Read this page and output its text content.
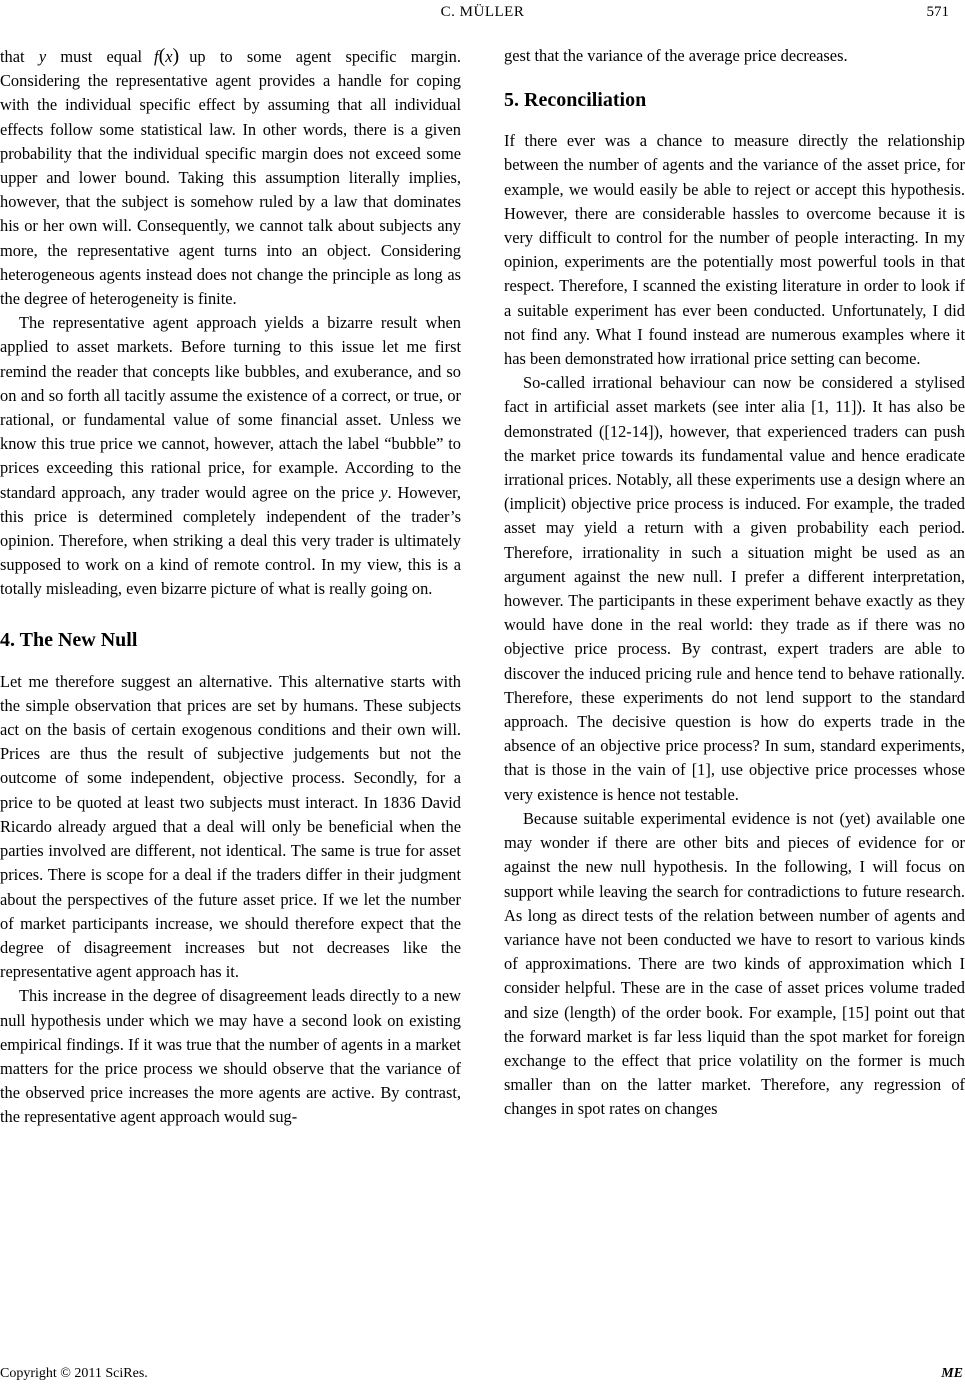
C. MÜLLER	571

that y must equal f(x) up to some agent specific margin. Considering the representative agent provides a handle for coping with the individual specific effect by assuming that all individual effects follow some statistical law. In other words, there is a given probability that the individual specific margin does not exceed some upper and lower bound. Taking this assumption literally implies, however, that the subject is somehow ruled by a law that dominates his or her own will. Consequently, we cannot talk about subjects any more, the representative agent turns into an object. Considering heterogeneous agents instead does not change the principle as long as the degree of heterogeneity is finite.

The representative agent approach yields a bizarre result when applied to asset markets. Before turning to this issue let me first remind the reader that concepts like bubbles, and exuberance, and so on and so forth all tacitly assume the existence of a correct, or true, or rational, or fundamental value of some financial asset. Unless we know this true price we cannot, however, attach the label “bubble” to prices exceeding this rational price, for example. According to the standard approach, any trader would agree on the price y. However, this price is determined completely independent of the trader’s opinion. Therefore, when striking a deal this very trader is ultimately supposed to work on a kind of remote control. In my view, this is a totally misleading, even bizarre picture of what is really going on.

4. The New Null

Let me therefore suggest an alternative. This alternative starts with the simple observation that prices are set by humans. These subjects act on the basis of certain exogenous conditions and their own will. Prices are thus the result of subjective judgements but not the outcome of some independent, objective process. Secondly, for a price to be quoted at least two subjects must interact. In 1836 David Ricardo already argued that a deal will only be beneficial when the parties involved are different, not identical. The same is true for asset prices. There is scope for a deal if the traders differ in their judgment about the perspectives of the future asset price. If we let the number of market participants increase, we should therefore expect that the degree of disagreement increases but not decreases like the representative agent approach has it.

This increase in the degree of disagreement leads directly to a new null hypothesis under which we may have a second look on existing empirical findings. If it was true that the number of agents in a market matters for the price process we should observe that the variance of the observed price increases the more agents are active. By contrast, the representative agent approach would sug-

gest that the variance of the average price decreases.

5. Reconciliation

If there ever was a chance to measure directly the relationship between the number of agents and the variance of the asset price, for example, we would easily be able to reject or accept this hypothesis. However, there are considerable hassles to overcome because it is very difficult to control for the number of people interacting. In my opinion, experiments are the potentially most powerful tools in that respect. Therefore, I scanned the existing literature in order to look if a suitable experiment has ever been conducted. Unfortunately, I did not find any. What I found instead are numerous examples where it has been demonstrated how irrational price setting can become.

So-called irrational behaviour can now be considered a stylised fact in artificial asset markets (see inter alia [1, 11]). It has also be demonstrated ([12-14]), however, that experienced traders can push the market price towards its fundamental value and hence eradicate irrational prices. Notably, all these experiments use a design where an (implicit) objective price process is induced. For example, the traded asset may yield a return with a given probability each period. Therefore, irrationality in such a situation might be used as an argument against the new null. I prefer a different interpretation, however. The participants in these experiment behave exactly as they would have done in the real world: they trade as if there was no objective price process. By contrast, expert traders are able to discover the induced pricing rule and hence tend to behave rationally. Therefore, these experiments do not lend support to the standard approach. The decisive question is how do experts trade in the absence of an objective price process? In sum, standard experiments, that is those in the vain of [1], use objective price processes whose very existence is hence not testable.

Because suitable experimental evidence is not (yet) available one may wonder if there are other bits and pieces of evidence for or against the new null hypothesis. In the following, I will focus on support while leaving the search for contradictions to future research. As long as direct tests of the relation between number of agents and variance have not been conducted we have to resort to various kinds of approximations. There are two kinds of approximation which I consider helpful. These are in the case of asset prices volume traded and size (length) of the order book. For example, [15] point out that the forward market is far less liquid than the spot market for foreign exchange to the effect that price volatility on the former is much smaller than on the latter market. Therefore, any regression of changes in spot rates on changes

Copyright © 2011 SciRes.	ME
